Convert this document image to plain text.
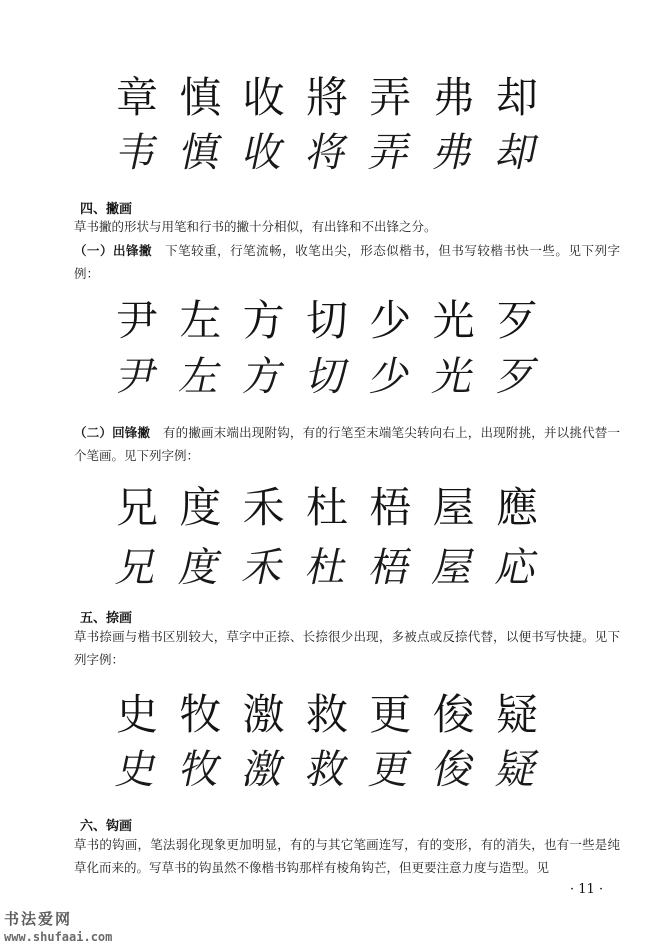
章 慎 收 將 弄 弗 却
韦 慎 收 将 弄 弗 却
四、撇画
草书撇的形状与用笔和行书的撇十分相似，有出锋和不出锋之分。
（一）出锋撇　下笔较重，行笔流畅，收笔出尖，形态似楷书，但书写较楷书快一些。见下列字例：
尹 左 方 切 少 光 歹
尹 左 方 切 少 光 歹
（二）回锋撇　有的撇画末端出现附钩，有的行笔至末端笔尖转向右上，出现附挑，并以挑代替一个笔画。见下列字例：
兄 度 禾 杜 梧 屋 應
兄 度 禾 杜 梧 屋 応
五、捺画
草书捺画与楷书区别较大，草字中正捺、长捺很少出现，多被点或反捺代替，以便书写快捷。见下列字例：
史 牧 激 救 更 俊 疑
史 牧 激 救 更 俊 疑
六、钩画
草书的钩画，笔法弱化现象更加明显，有的与其它笔画连写，有的变形，有的消失，也有一些是纯草化而来的。写草书的钩虽然不像楷书钩那样有棱角钩芒，但更要注意力度与造型。见
· 11 ·
书法爱网
www.shufaai.com
